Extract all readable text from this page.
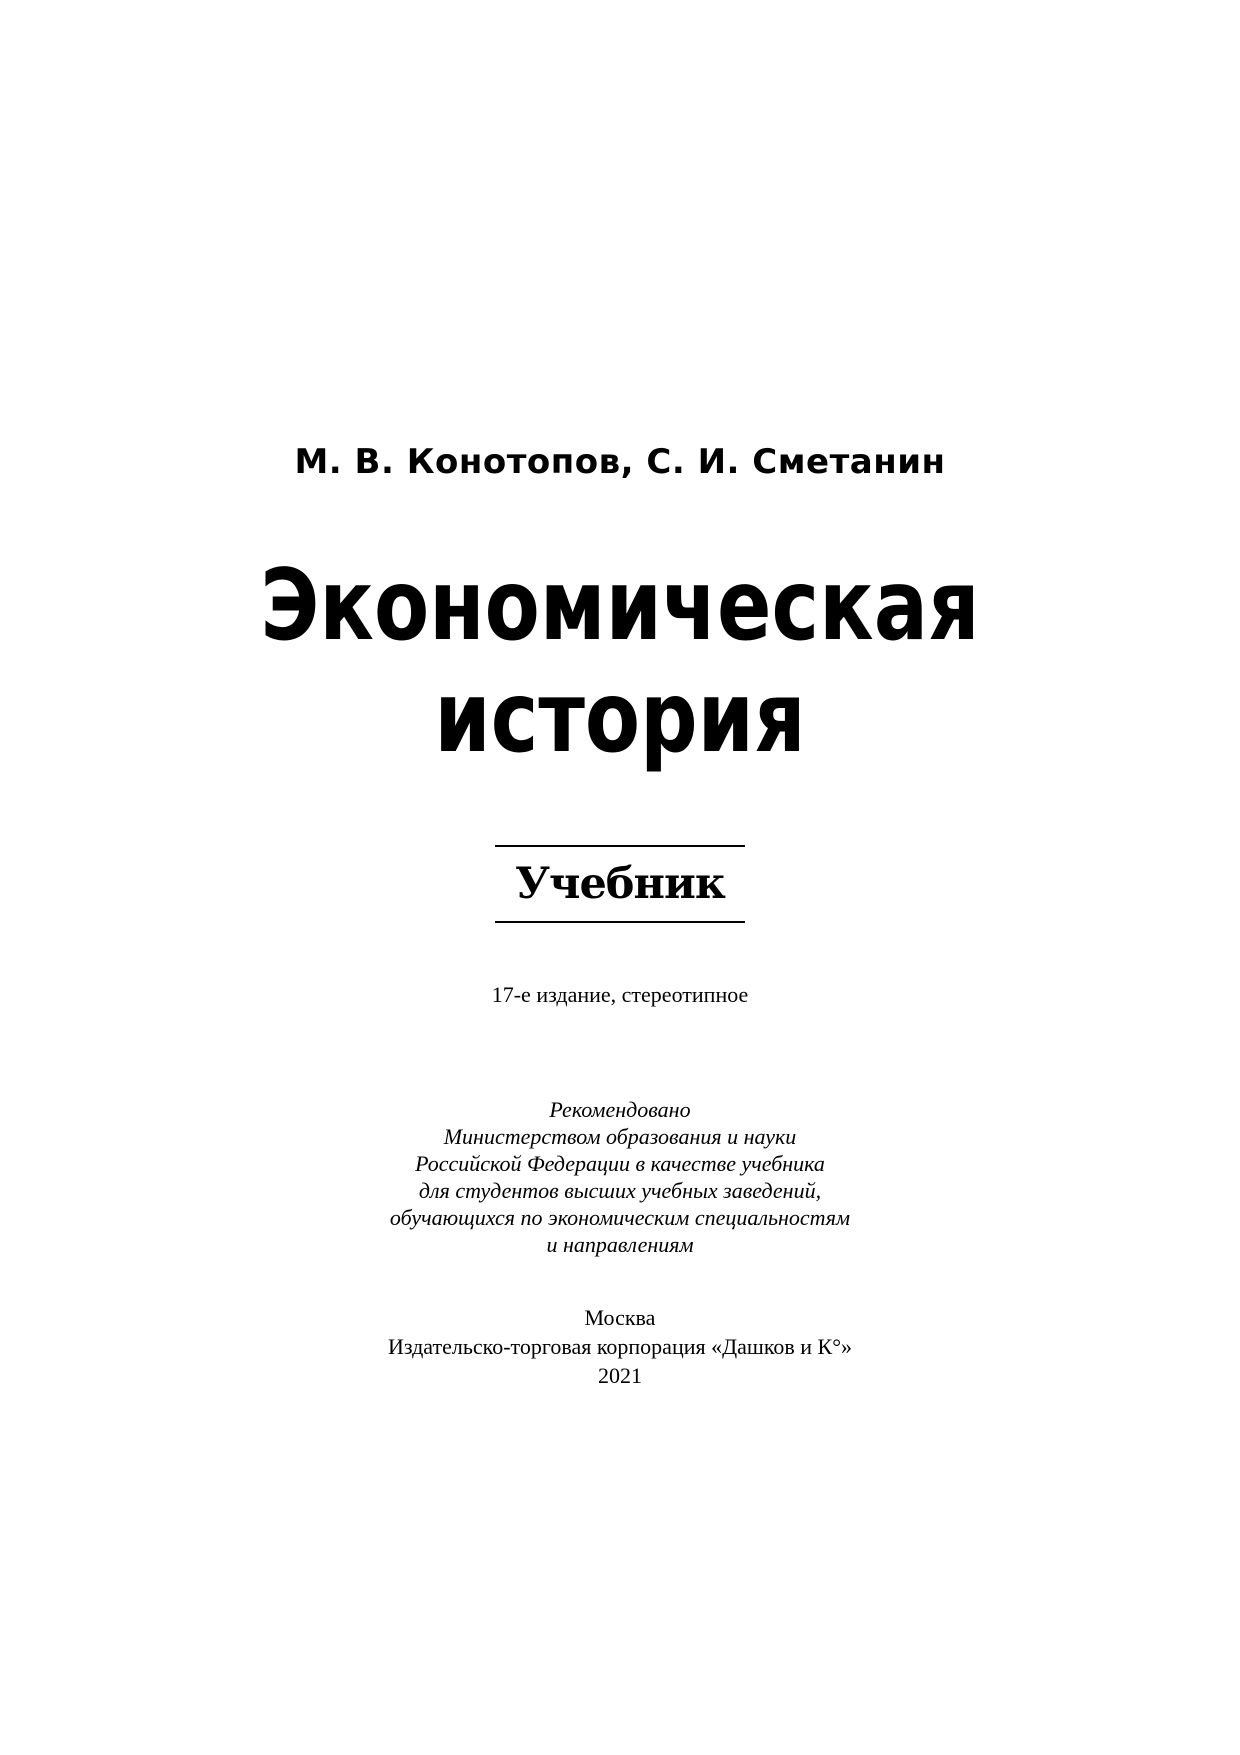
М. В. Конотопов, С. И. Сметанин
Экономическая
история
Учебник
17-е издание, стереотипное
Рекомендовано
Министерством образования и науки
Российской Федерации в качестве учебника
для студентов высших учебных заведений,
обучающихся по экономическим специальностям
и направлениям
Москва
Издательско-торговая корпорация «Дашков и К°»
2021
